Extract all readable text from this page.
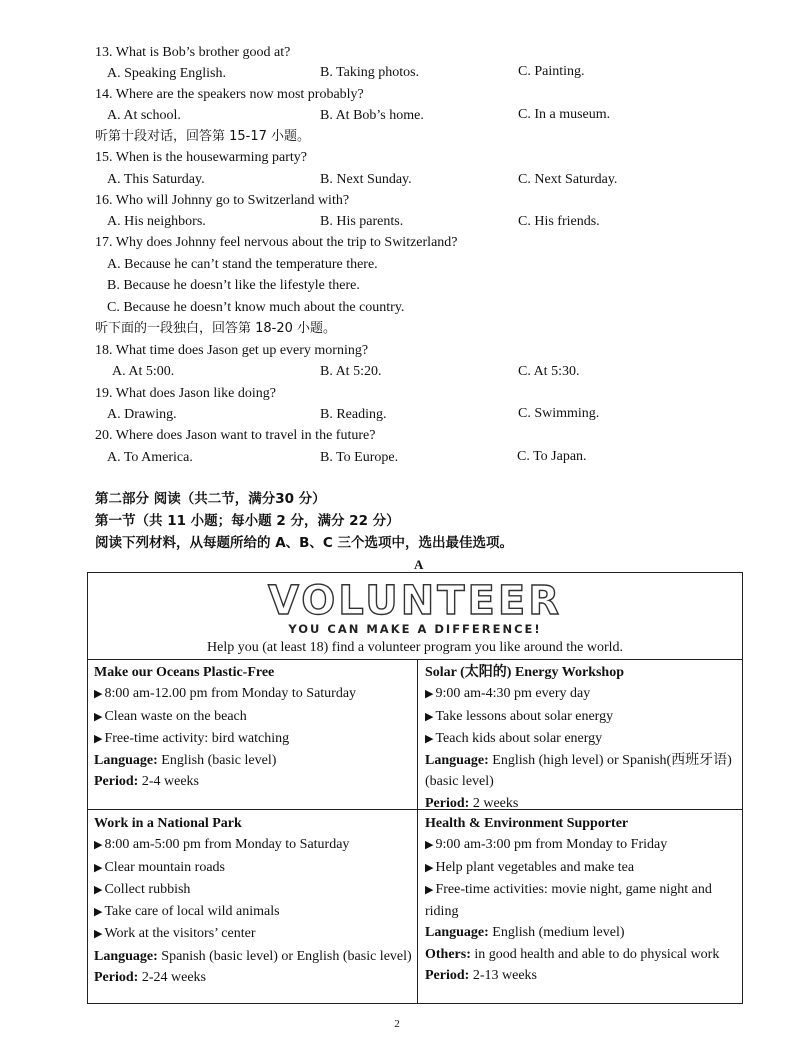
13. What is Bob’s brother good at?
A. Speaking English.	B. Taking photos.	C. Painting.
14. Where are the speakers now most probably?
A. At school.	B. At Bob’s home.	C. In a museum.
听第十段对话，回答第 15-17 小题。
15. When is the housewarming party?
A. This Saturday.	B. Next Sunday.	C. Next Saturday.
16. Who will Johnny go to Switzerland with?
A. His neighbors.	B. His parents.	C. His friends.
17. Why does Johnny feel nervous about the trip to Switzerland?
A. Because he can’t stand the temperature there.
B. Because he doesn’t like the lifestyle there.
C. Because he doesn’t know much about the country.
听下面的一段独白，回答第 18-20 小题。
18. What time does Jason get up every morning?
A. At 5:00.	B. At 5:20.	C. At 5:30.
19. What does Jason like doing?
A. Drawing.	B. Reading.	C. Swimming.
20. Where does Jason want to travel in the future?
A. To America.	B. To Europe.	C. To Japan.
第二部分 阅读（共二节，满分30 分）
第一节（共 11 小题；每小题 2 分，满分 22 分）
阅读下列材料，从每题所给的 A、B、C 三个选项中，选出最佳选项。
A
VOLUNTEER
YOU CAN MAKE A DIFFERENCE!
Help you (at least 18) find a volunteer program you like around the world.
Make our Oceans Plastic-Free
▶ 8:00 am-12.00 pm from Monday to Saturday
▶ Clean waste on the beach
▶ Free-time activity: bird watching
Language: English (basic level)
Period: 2-4 weeks
Solar (太阳的) Energy Workshop
▶ 9:00 am-4:30 pm every day
▶ Take lessons about solar energy
▶ Teach kids about solar energy
Language: English (high level) or Spanish(西班牙语) (basic level)
Period: 2 weeks
Work in a National Park
▶ 8:00 am-5:00 pm from Monday to Saturday
▶ Clear mountain roads
▶ Collect rubbish
▶ Take care of local wild animals
▶ Work at the visitors’ center
Language: Spanish (basic level) or English (basic level)
Period: 2-24 weeks
Health & Environment Supporter
▶ 9:00 am-3:00 pm from Monday to Friday
▶ Help plant vegetables and make tea
▶ Free-time activities: movie night, game night and riding
Language: English (medium level)
Others: in good health and able to do physical work
Period: 2-13 weeks
2
